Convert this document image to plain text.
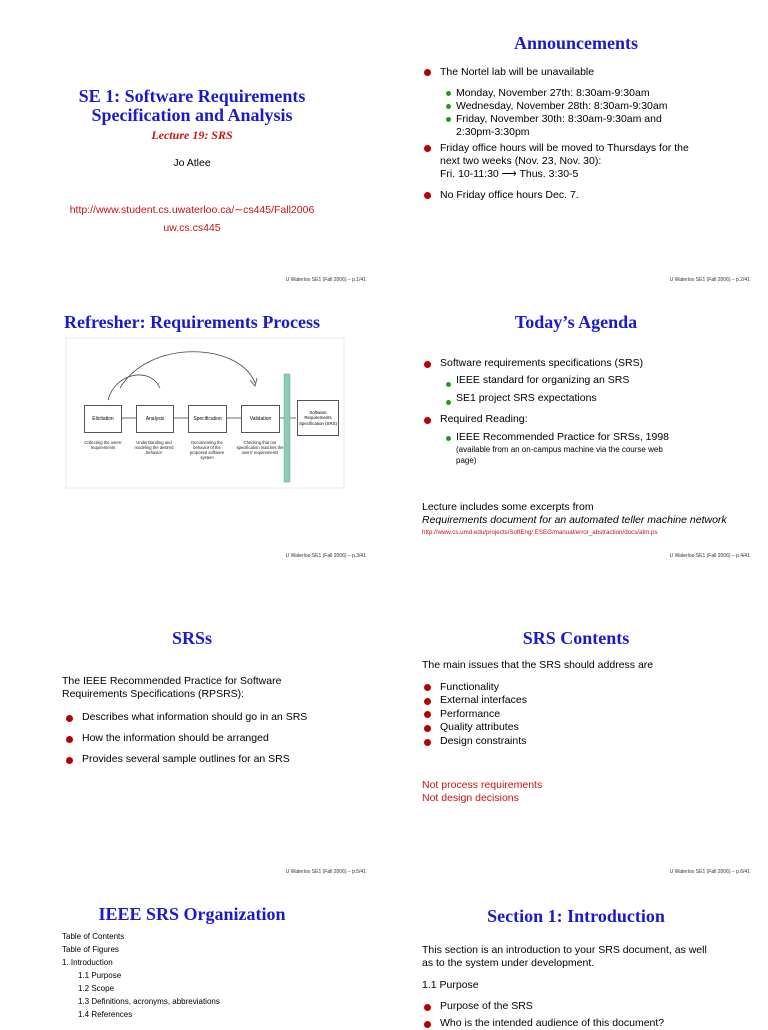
SE 1: Software Requirements
Specification and Analysis
Lecture 19: SRS
Jo Atlee
http://www.student.cs.uwaterloo.ca/∼cs445/Fall2006
uw.cs.cs445
U Waterloo SE1 (Fall 2006) – p.1/41
Announcements
The Nortel lab will be unavailable
Monday, November 27th: 8:30am-9:30am
Wednesday, November 28th: 8:30am-9:30am
Friday, November 30th: 8:30am-9:30am and
2:30pm-3:30pm
Friday office hours will be moved to Thursdays for the
next two weeks (Nov. 23, Nov. 30):
Fri. 10-11:30 ⟶ Thus. 3:30-5
No Friday office hours Dec. 7.
U Waterloo SE1 (Fall 2006) – p.2/41
Refresher: Requirements Process
Elicitation	Analysis	Specification	Validation
Software Requirements Specification (SRS)
Collecting the users' requirements
Understanding and modeling the desired behavior
Documenting the behavior of the proposed software system
Checking that our specification matches the users' requirements
U Waterloo SE1 (Fall 2006) – p.3/41
Today’s Agenda
Software requirements specifications (SRS)
IEEE standard for organizing an SRS
SE1 project SRS expectations
Required Reading:
IEEE Recommended Practice for SRSs, 1998
(available from an on-campus machine via the course web
page)
Lecture includes some excerpts from
Requirements document for an automated teller machine network
http://www.cs.umd.edu/projects/SoftEng/ ESEG/manual/error_abstraction/docs/atm.ps
U Waterloo SE1 (Fall 2006) – p.4/41
SRSs
The IEEE Recommended Practice for Software
Requirements Specifications (RPSRS):
Describes what information should go in an SRS
How the information should be arranged
Provides several sample outlines for an SRS
U Waterloo SE1 (Fall 2006) – p.5/41
SRS Contents
The main issues that the SRS should address are
Functionality
External interfaces
Performance
Quality attributes
Design constraints
Not process requirements
Not design decisions
U Waterloo SE1 (Fall 2006) – p.6/41
IEEE SRS Organization
Table of Contents
Table of Figures
1. Introduction
1.1 Purpose
1.2 Scope
1.3 Definitions, acronyms, abbreviations
1.4 References
Section 1: Introduction
This section is an introduction to your SRS document, as well
as to the system under development.
1.1 Purpose
Purpose of the SRS
Who is the intended audience of this document?
